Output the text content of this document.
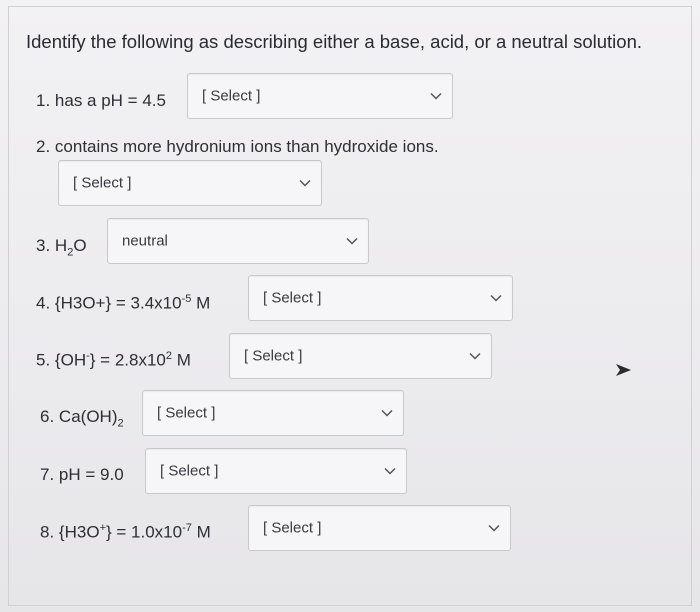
Identify the following as describing either a base, acid, or a neutral solution.
1. has a pH = 4.5 [ Select ]
2. contains more hydronium ions than hydroxide ions.
[ Select ]
3. $H_2O$ neutral
4. $\{H3O+\} = 3.4x10^{-5}$ M	[ Select ]
5. $\{OH^-\} = 2.8x10^2$ M	[ Select ]
6. $Ca(OH)_2$
[ Select ]
7. pH = 9.0 [ Select ]
8. $\{H3O^+\} = 1.0x10^{-7}$ M	[ Select ]
